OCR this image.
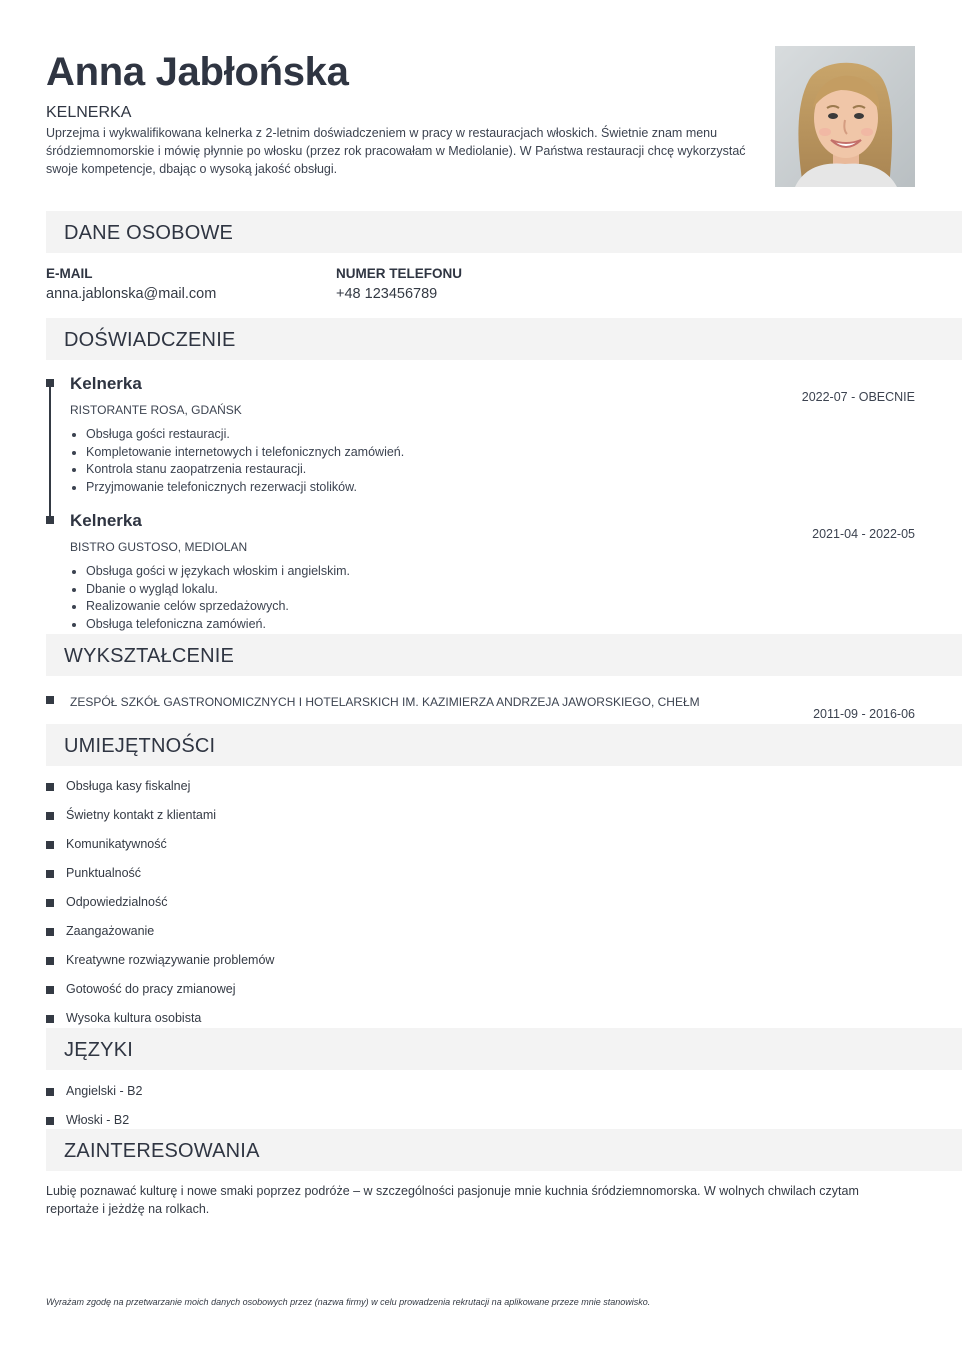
Anna Jabłońska
KELNERKA
Uprzejma i wykwalifikowana kelnerka z 2-letnim doświadczeniem w pracy w restauracjach włoskich. Świetnie znam menu śródziemnomorskie i mówię płynnie po włosku (przez rok pracowałam w Mediolanie). W Państwa restauracji chcę wykorzystać swoje kompetencje, dbając o wysoką jakość obsługi.
DANE OSOBOWE
E-MAIL
anna.jablonska@mail.com
NUMER TELEFONU
+48 123456789
DOŚWIADCZENIE
Kelnerka
2022-07 - OBECNIE
RISTORANTE ROSA, GDAŃSK
• Obsługa gości restauracji.
• Kompletowanie internetowych i telefonicznych zamówień.
• Kontrola stanu zaopatrzenia restauracji.
• Przyjmowanie telefonicznych rezerwacji stolików.
Kelnerka
2021-04 - 2022-05
BISTRO GUSTOSO, MEDIOLAN
• Obsługa gości w językach włoskim i angielskim.
• Dbanie o wygląd lokalu.
• Realizowanie celów sprzedażowych.
• Obsługa telefoniczna zamówień.
WYKSZTAŁCENIE
ZESPÓŁ SZKÓŁ GASTRONOMICZNYCH I HOTELARSKICH IM. KAZIMIERZA ANDRZEJA JAWORSKIEGO, CHEŁM
2011-09 - 2016-06
UMIEJĘTNOŚCI
Obsługa kasy fiskalnej
Świetny kontakt z klientami
Komunikatywność
Punktualność
Odpowiedzialność
Zaangażowanie
Kreatywne rozwiązywanie problemów
Gotowość do pracy zmianowej
Wysoka kultura osobista
JĘZYKI
Angielski - B2
Włoski - B2
ZAINTERESOWANIA
Lubię poznawać kulturę i nowe smaki poprzez podróże – w szczególności pasjonuje mnie kuchnia śródziemnomorska. W wolnych chwilach czytam reportaże i jeżdżę na rolkach.
Wyrażam zgodę na przetwarzanie moich danych osobowych przez (nazwa firmy) w celu prowadzenia rekrutacji na aplikowane przeze mnie stanowisko.
